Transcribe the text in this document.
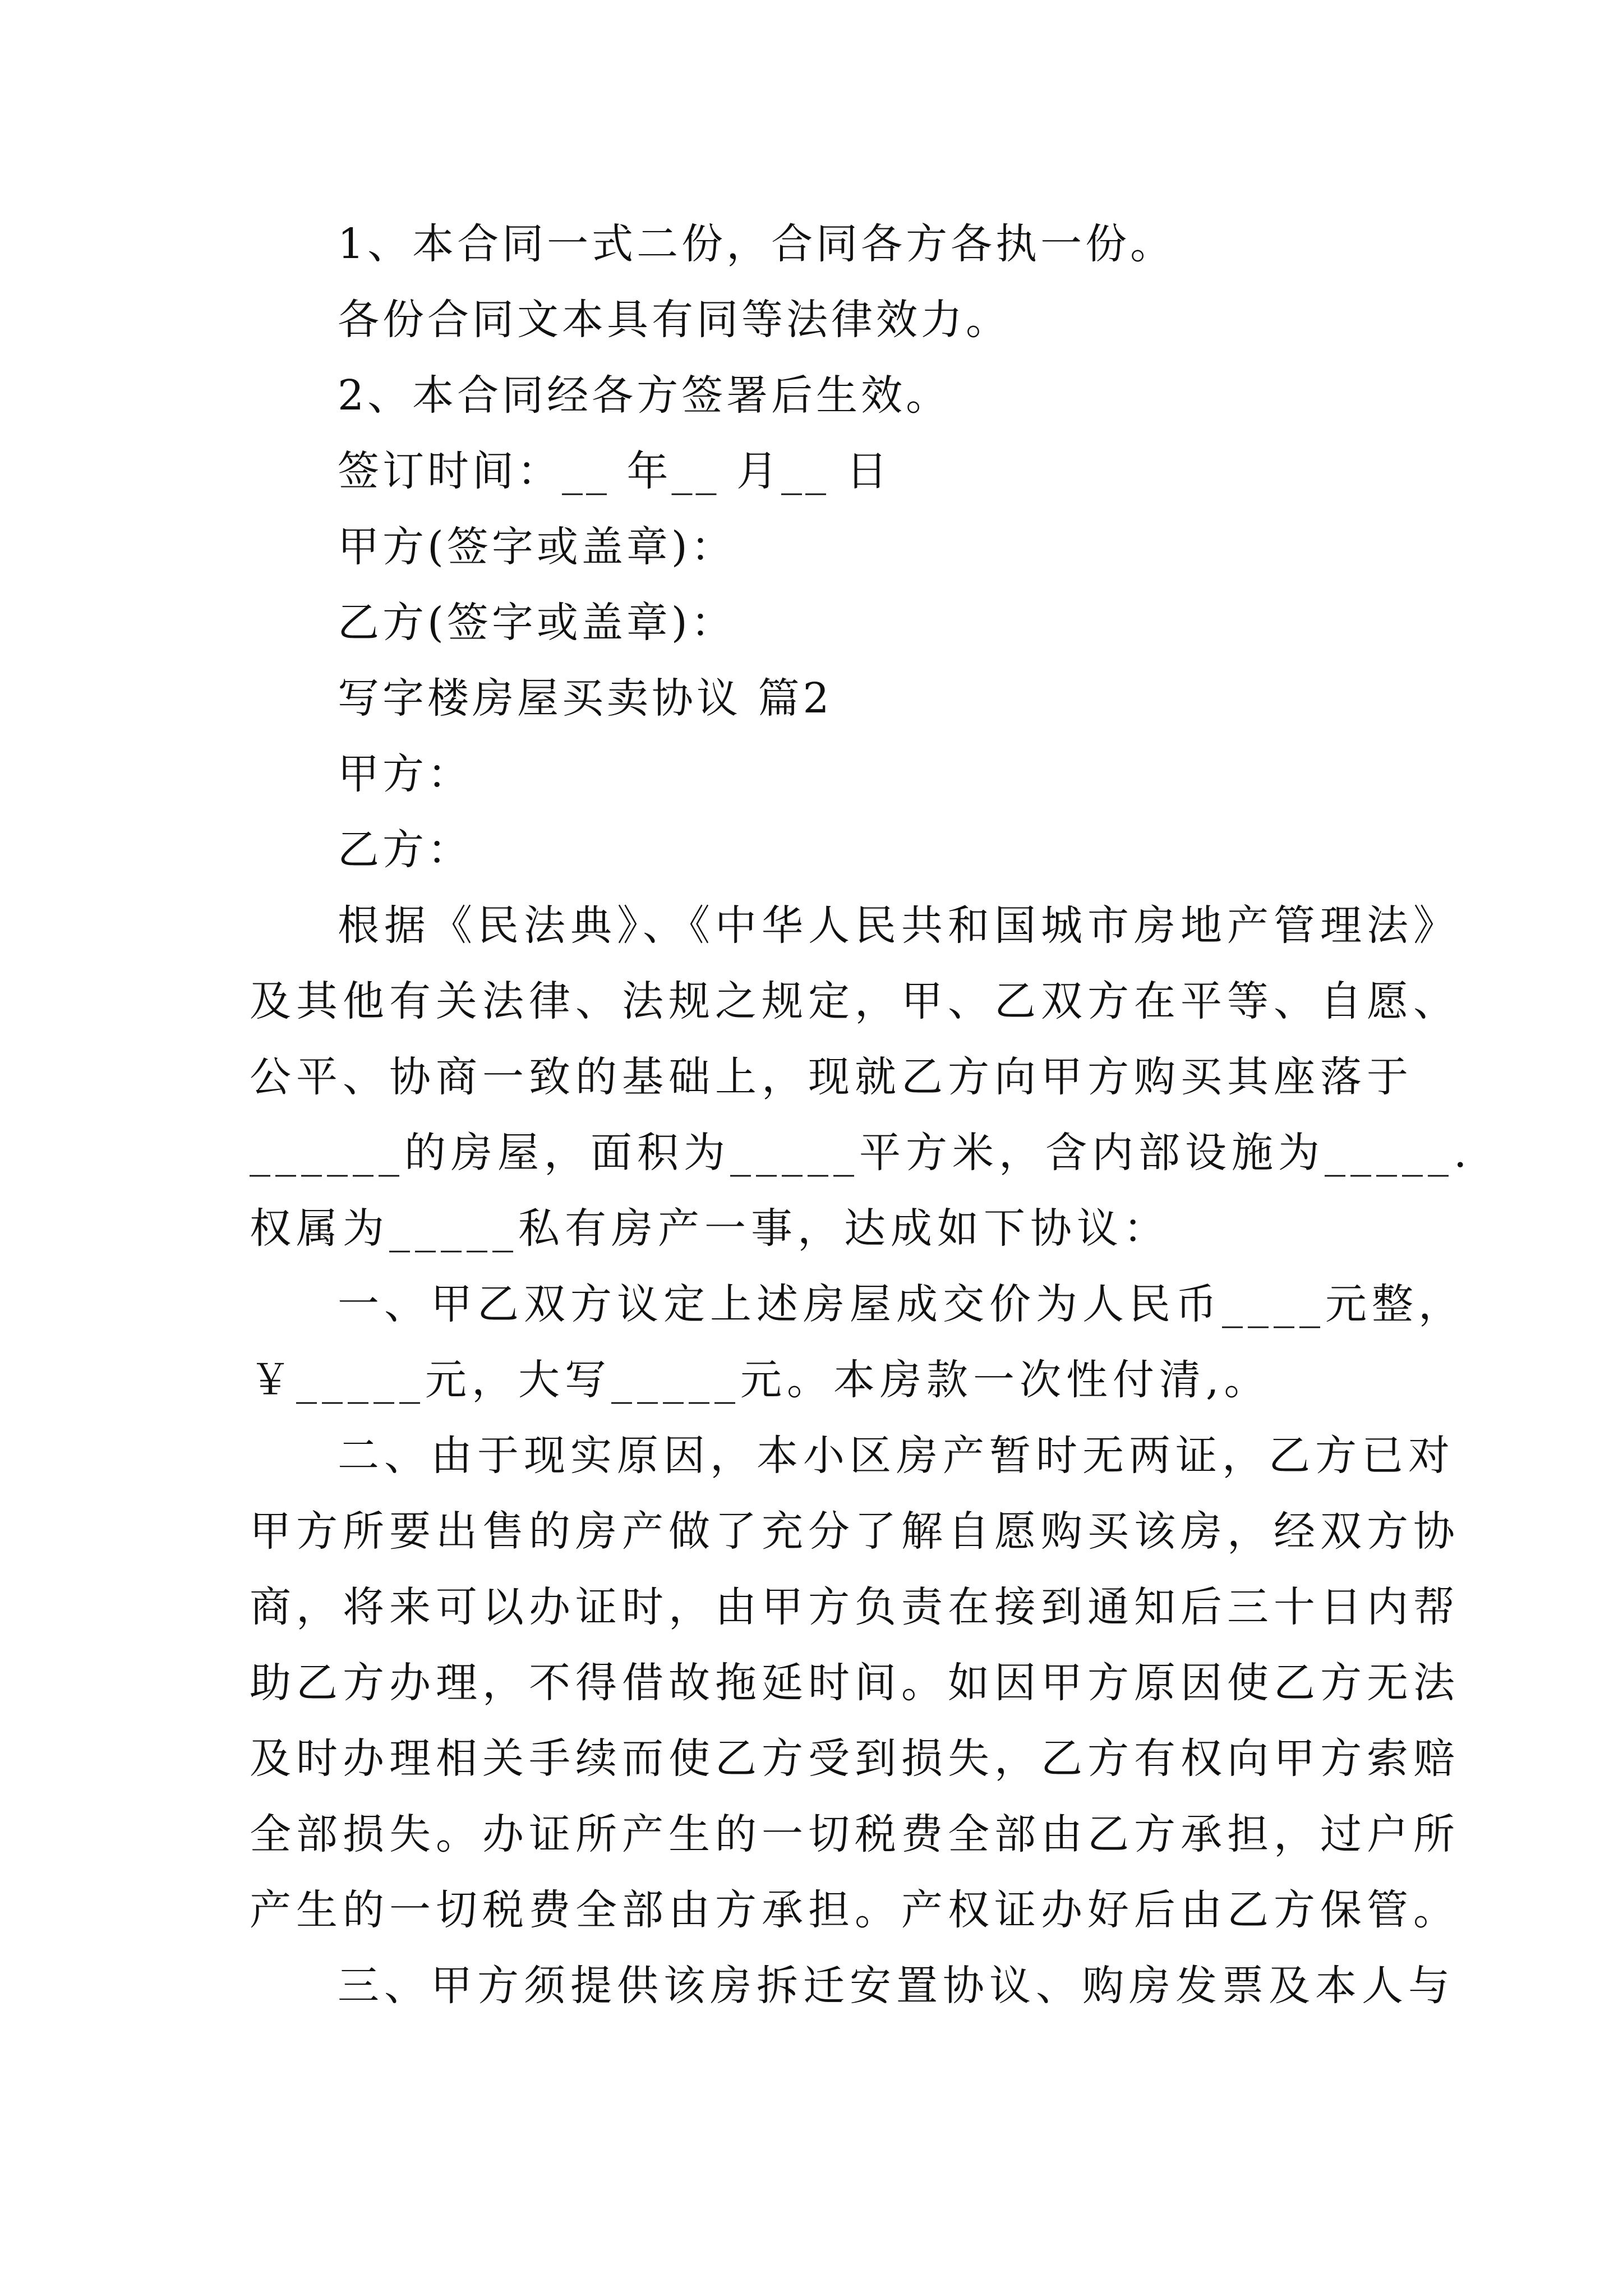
1、本合同一式二份，合同各方各执一份。
各份合同文本具有同等法律效力。
2、本合同经各方签署后生效。
签订时间：__ 年__ 月__ 日
甲方(签字或盖章)：
乙方(签字或盖章)：
写字楼房屋买卖协议 篇2
甲方：
乙方：
根据《民法典》、《中华人民共和国城市房地产管理法》
及其他有关法律、法规之规定，甲、乙双方在平等、自愿、
公平、协商一致的基础上，现就乙方向甲方购买其座落于
______的房屋，面积为_____平方米，含内部设施为_____.
权属为_____私有房产一事，达成如下协议：
一、甲乙双方议定上述房屋成交价为人民币____元整，
￥_____元，大写_____元。本房款一次性付清,。
二、由于现实原因，本小区房产暂时无两证，乙方已对
甲方所要出售的房产做了充分了解自愿购买该房，经双方协
商，将来可以办证时，由甲方负责在接到通知后三十日内帮
助乙方办理，不得借故拖延时间。如因甲方原因使乙方无法
及时办理相关手续而使乙方受到损失，乙方有权向甲方索赔
全部损失。办证所产生的一切税费全部由乙方承担，过户所
产生的一切税费全部由方承担。产权证办好后由乙方保管。
三、甲方须提供该房拆迁安置协议、购房发票及本人与
